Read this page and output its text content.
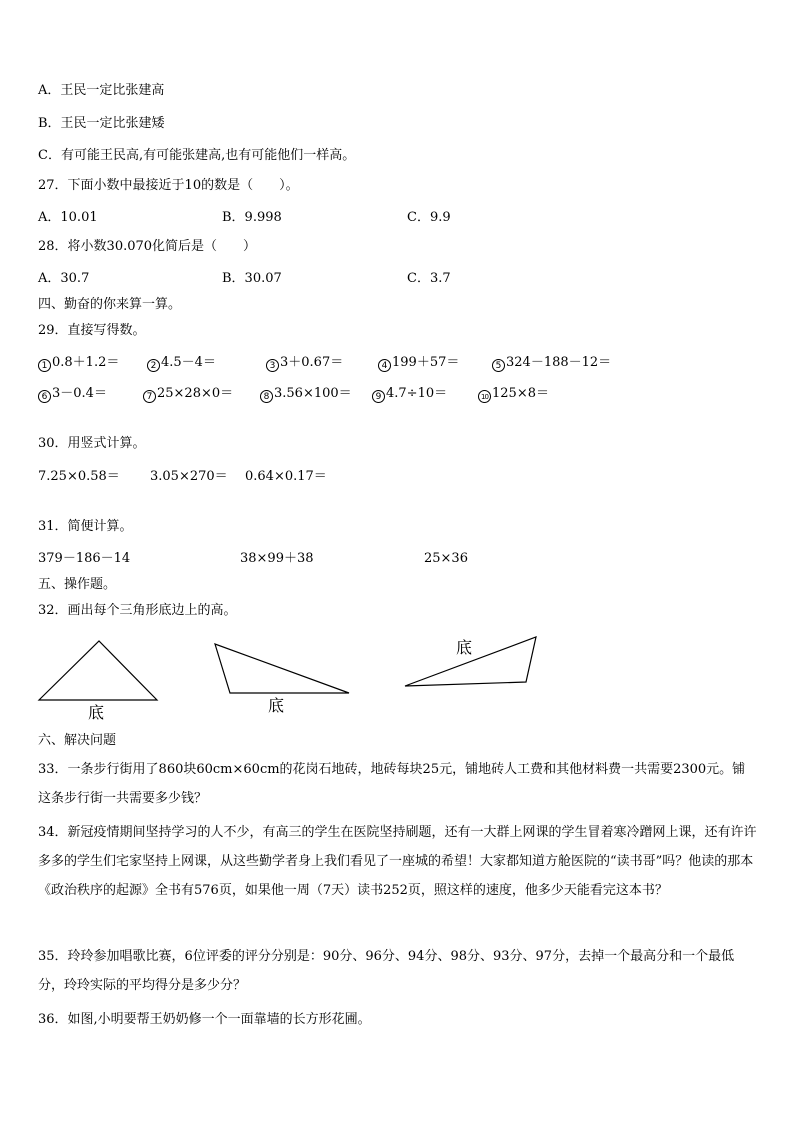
A．王民一定比张建高
B．王民一定比张建矮
C．有可能王民高,有可能张建高,也有可能他们一样高。
27．下面小数中最接近于10的数是（　　）。
A．10.01	B．9.998	C．9.9
28．将小数30.070化简后是（　　）
A．30.7	B．30.07	C．3.7
四、勤奋的你来算一算。
29．直接写得数。
1 0.8＋1.2＝	2 4.5－4＝	3 3＋0.67＝	4 199＋57＝	5 324－188－12＝
6 3－0.4＝	7 25×28×0＝	8 3.56×100＝	9 4.7÷10＝	10 125×8＝
30．用竖式计算。
7.25×0.58＝ 3.05×270＝ 0.64×0.17＝
31．简便计算。
379－186－14	38×99＋38	25×36
五、操作题。
32．画出每个三角形底边上的高。
底	底
底
六、解决问题
33．一条步行街用了860块60cm×60cm的花岗石地砖，地砖每块25元，铺地砖人工费和其他材料费一共需要2300元。铺这条步行街一共需要多少钱？
34．新冠疫情期间坚持学习的人不少，有高三的学生在医院坚持刷题，还有一大群上网课的学生冒着寒冷蹭网上课，还有许许多多的学生们宅家坚持上网课，从这些勤学者身上我们看见了一座城的希望！大家都知道方舱医院的“读书哥”吗？他读的那本《政治秩序的起源》全书有576页，如果他一周（7天）读书252页，照这样的速度，他多少天能看完这本书？
35．玲玲参加唱歌比赛，6位评委的评分分别是：90分、96分、94分、98分、93分、97分，去掉一个最高分和一个最低分，玲玲实际的平均得分是多少分？
36．如图,小明要帮王奶奶修一个一面靠墙的长方形花圃。
